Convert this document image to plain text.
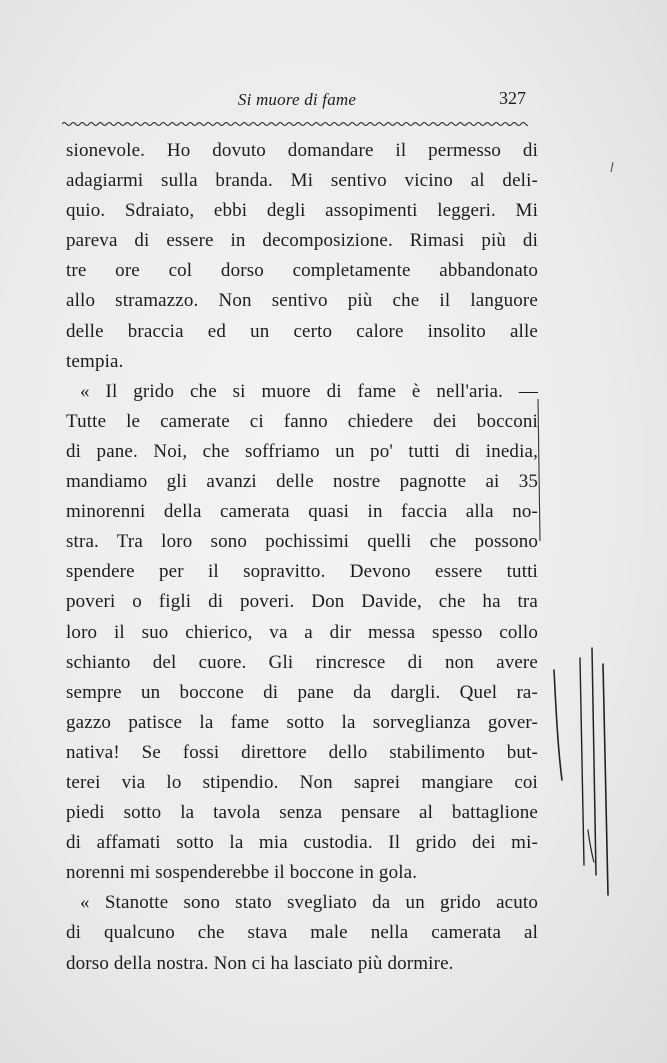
Si muore di fame	327
sionevole. Ho dovuto domandare il permesso di
adagiarmi sulla branda. Mi sentivo vicino al deli-
quio. Sdraiato, ebbi degli assopimenti leggeri. Mi
pareva di essere in decomposizione. Rimasi più di
tre ore col dorso completamente abbandonato
allo stramazzo. Non sentivo più che il languore
delle braccia ed un certo calore insolito alle
tempia.
« Il grido che si muore di fame è nell'aria. —
Tutte le camerate ci fanno chiedere dei bocconi
di pane. Noi, che soffriamo un po' tutti di inedia,
mandiamo gli avanzi delle nostre pagnotte ai 35
minorenni della camerata quasi in faccia alla no-
stra. Tra loro sono pochissimi quelli che possono
spendere per il sopravitto. Devono essere tutti
poveri o figli di poveri. Don Davide, che ha tra
loro il suo chierico, va a dir messa spesso collo
schianto del cuore. Gli rincresce di non avere
sempre un boccone di pane da dargli. Quel ra-
gazzo patisce la fame sotto la sorveglianza gover-
nativa! Se fossi direttore dello stabilimento but-
terei via lo stipendio. Non saprei mangiare coi
piedi sotto la tavola senza pensare al battaglione
di affamati sotto la mia custodia. Il grido dei mi-
norenni mi sospenderebbe il boccone in gola.
« Stanotte sono stato svegliato da un grido acuto
di qualcuno che stava male nella camerata al
dorso della nostra. Non ci ha lasciato più dormire.
